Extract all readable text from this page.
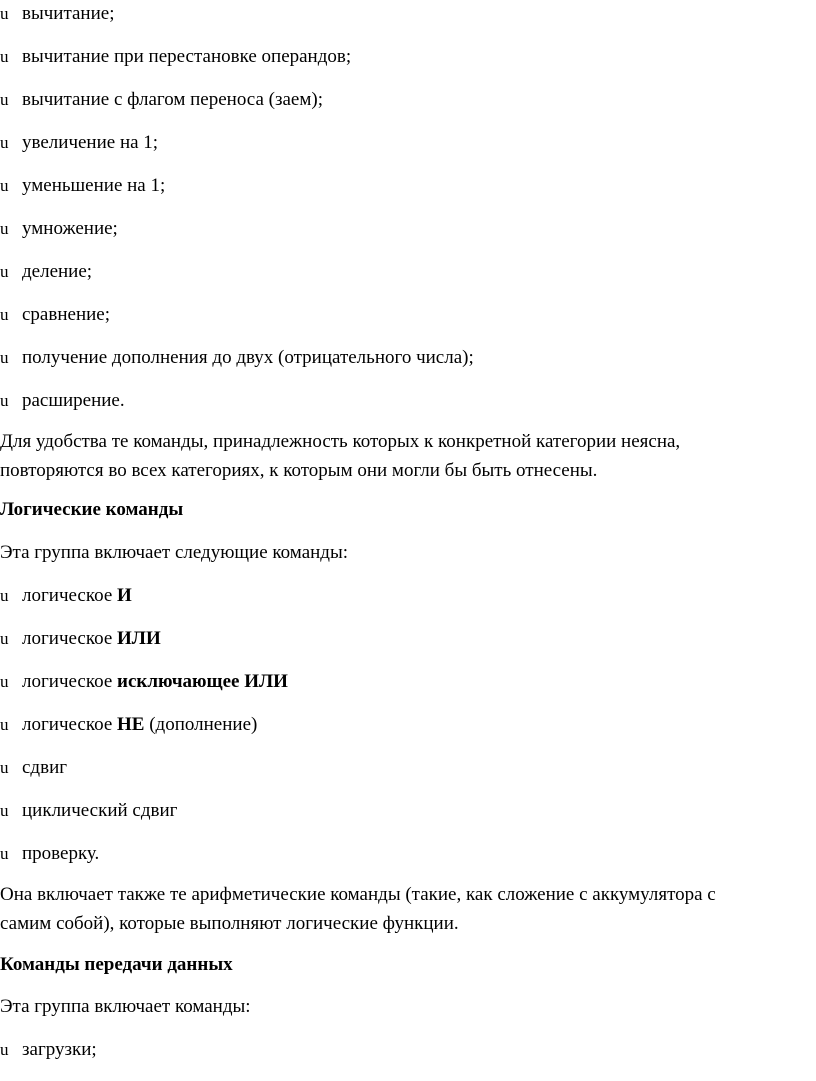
u вычитание;
u вычитание при перестановке операндов;
u вычитание с флагом переноса (заем);
u увеличение на 1;
u уменьшение на 1;
u умножение;
u деление;
u сравнение;
u получение дополнения до двух (отрицательного числа);
u расширение.
Для удобства те команды, принадлежность которых к конкретной категории неясна,
повторяются во всех категориях, к которым они могли бы быть отнесены.
Логические команды
Эта группа включает следующие команды:
u логическое И
u логическое ИЛИ
u логическое исключающее ИЛИ
u логическое НЕ (дополнение)
u сдвиг
u циклический сдвиг
u проверку.
Она включает также те арифметические команды (такие, как сложение с аккумулятора с
самим собой), которые выполняют логические функции.
Команды передачи данных
Эта группа включает команды:
u загрузки;
